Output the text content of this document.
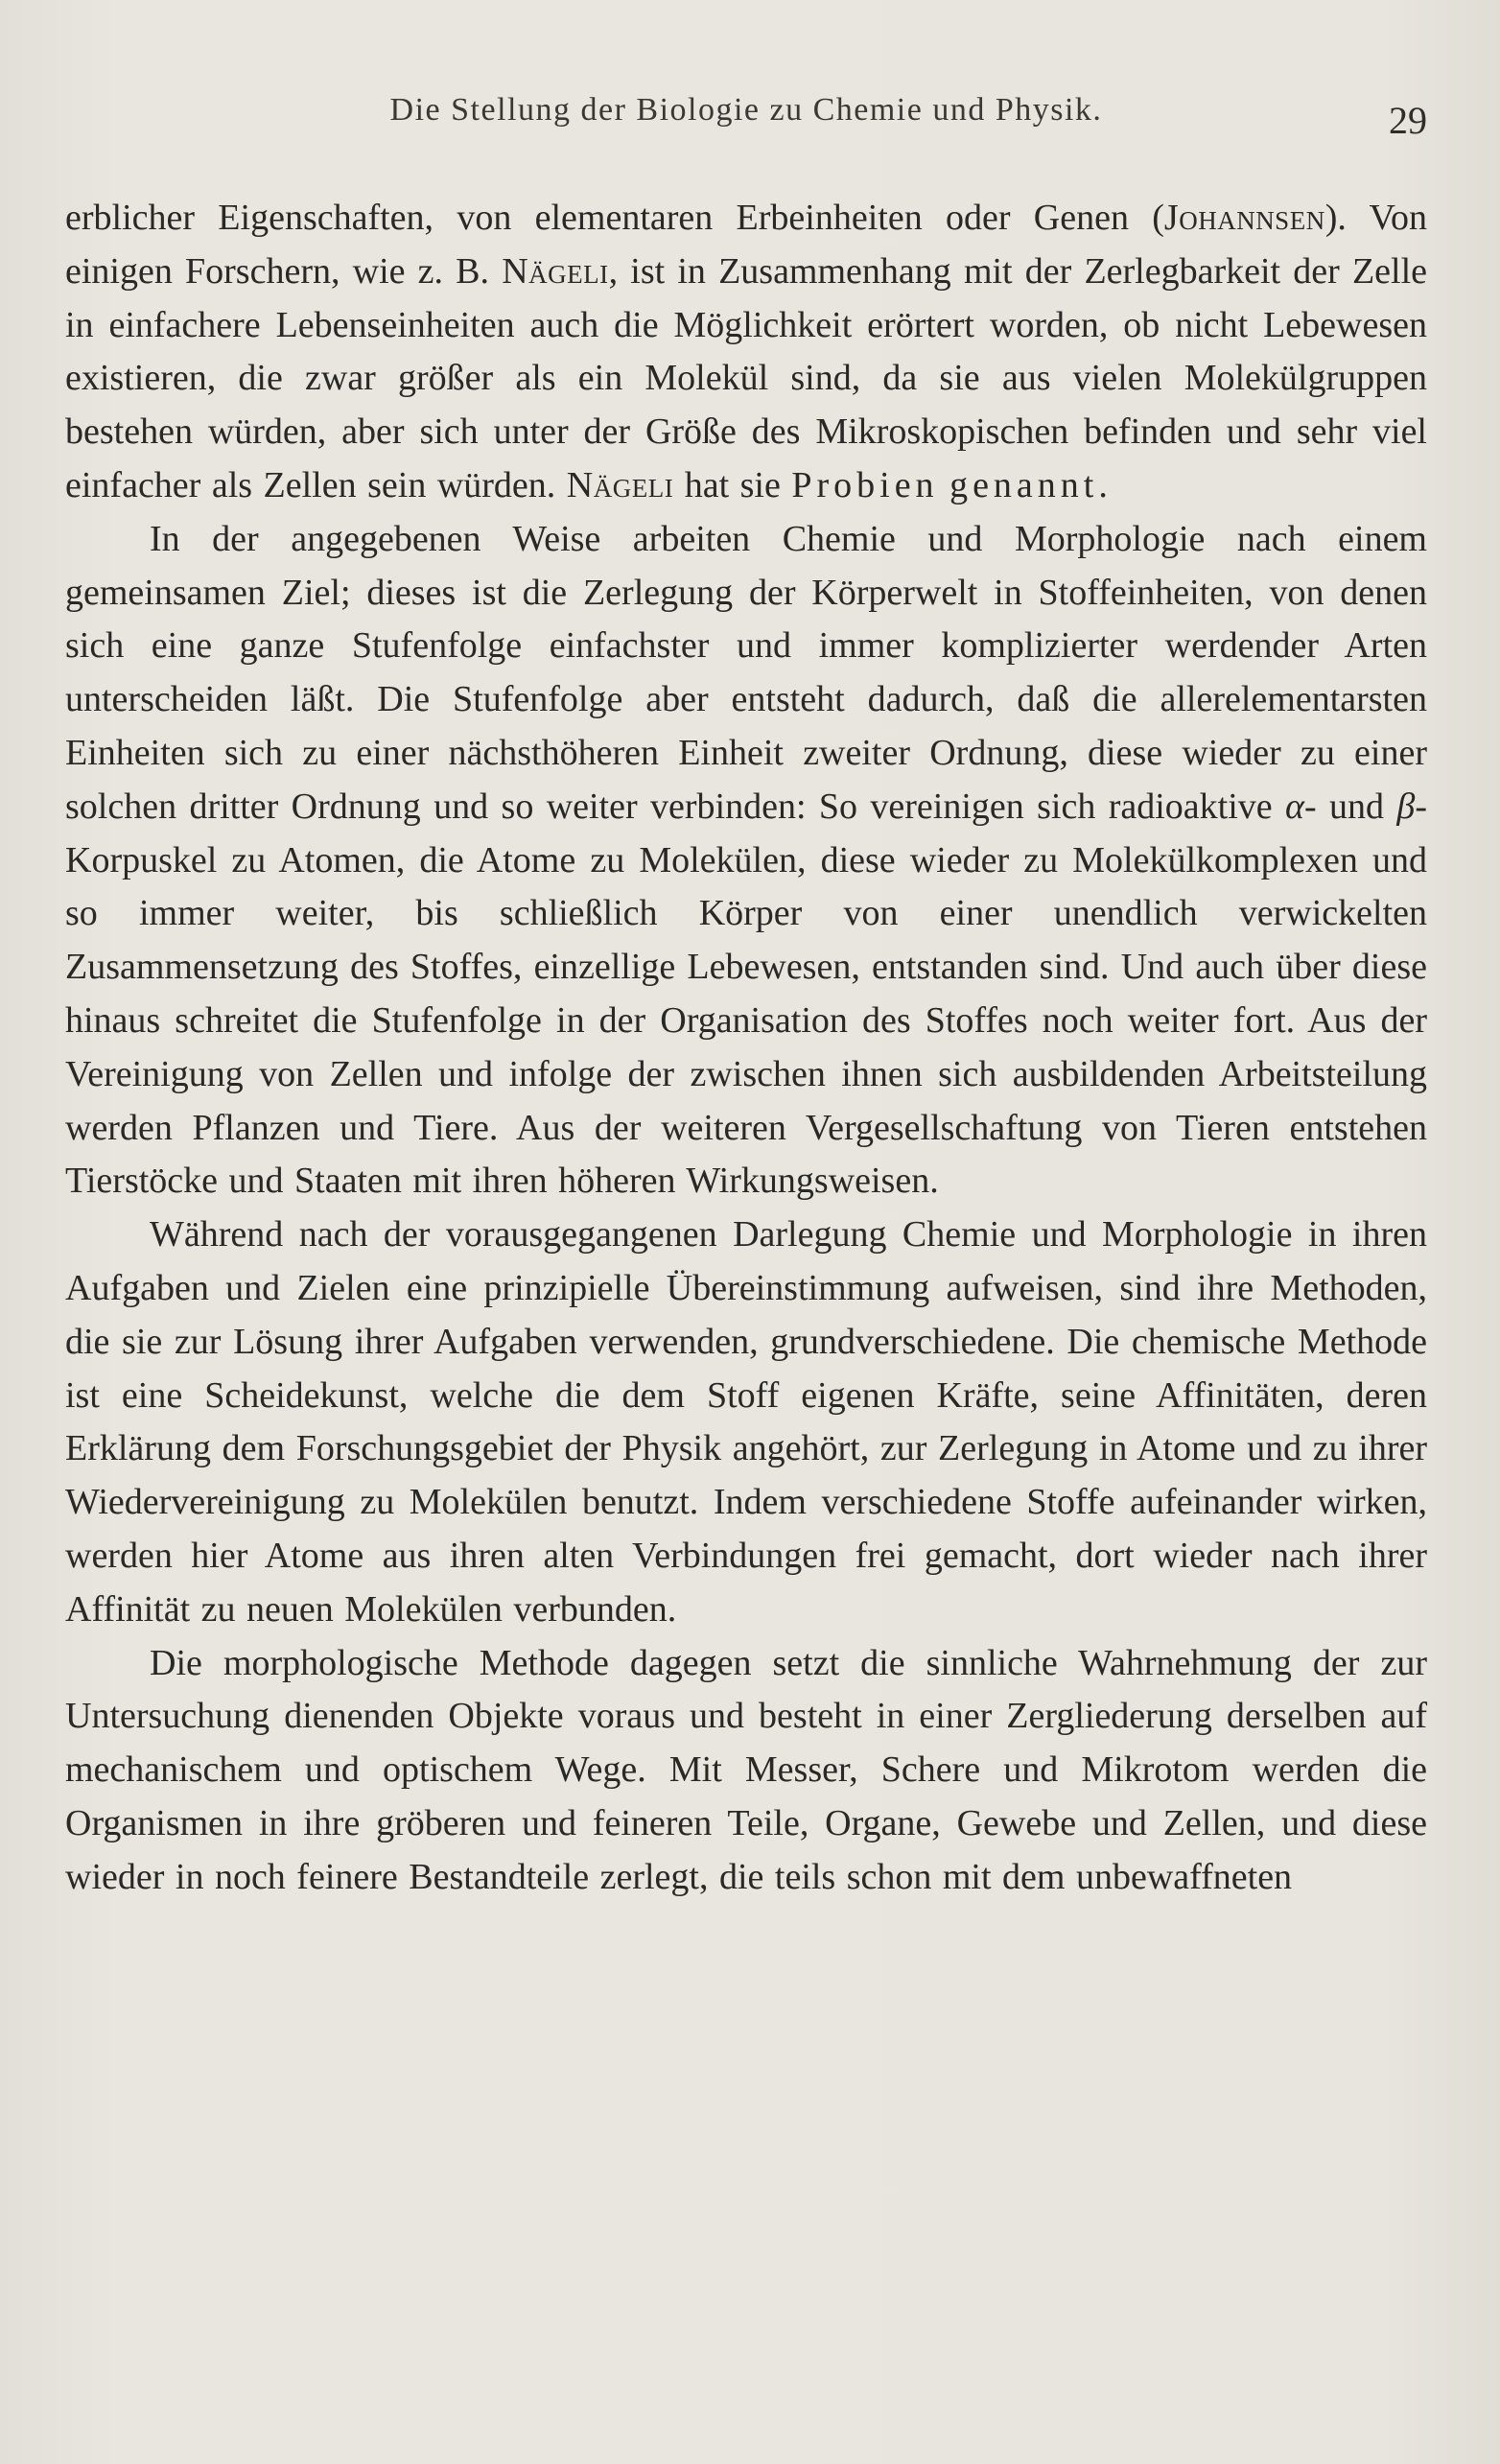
Die Stellung der Biologie zu Chemie und Physik.	29

erblicher Eigenschaften, von elementaren Erbeinheiten oder Genen (Johannsen). Von einigen Forschern, wie z. B. Nägeli, ist in Zusammenhang mit der Zerlegbarkeit der Zelle in einfachere Lebenseinheiten auch die Möglichkeit erörtert worden, ob nicht Lebewesen existieren, die zwar größer als ein Molekül sind, da sie aus vielen Molekülgruppen bestehen würden, aber sich unter der Größe des Mikroskopischen befinden und sehr viel einfacher als Zellen sein würden. Nägeli hat sie Probien genannt.

In der angegebenen Weise arbeiten Chemie und Morphologie nach einem gemeinsamen Ziel; dieses ist die Zerlegung der Körperwelt in Stoffeinheiten, von denen sich eine ganze Stufenfolge einfachster und immer komplizierter werdender Arten unterscheiden läßt. Die Stufenfolge aber entsteht dadurch, daß die allerelementarsten Einheiten sich zu einer nächsthöheren Einheit zweiter Ordnung, diese wieder zu einer solchen dritter Ordnung und so weiter verbinden: So vereinigen sich radioaktive α- und β-Korpuskel zu Atomen, die Atome zu Molekülen, diese wieder zu Molekülkomplexen und so immer weiter, bis schließlich Körper von einer unendlich verwickelten Zusammensetzung des Stoffes, einzellige Lebewesen, entstanden sind. Und auch über diese hinaus schreitet die Stufenfolge in der Organisation des Stoffes noch weiter fort. Aus der Vereinigung von Zellen und infolge der zwischen ihnen sich ausbildenden Arbeitsteilung werden Pflanzen und Tiere. Aus der weiteren Vergesellschaftung von Tieren entstehen Tierstöcke und Staaten mit ihren höheren Wirkungsweisen.

Während nach der vorausgegangenen Darlegung Chemie und Morphologie in ihren Aufgaben und Zielen eine prinzipielle Übereinstimmung aufweisen, sind ihre Methoden, die sie zur Lösung ihrer Aufgaben verwenden, grundverschiedene. Die chemische Methode ist eine Scheidekunst, welche die dem Stoff eigenen Kräfte, seine Affinitäten, deren Erklärung dem Forschungsgebiet der Physik angehört, zur Zerlegung in Atome und zu ihrer Wiedervereinigung zu Molekülen benutzt. Indem verschiedene Stoffe aufeinander wirken, werden hier Atome aus ihren alten Verbindungen frei gemacht, dort wieder nach ihrer Affinität zu neuen Molekülen verbunden.

Die morphologische Methode dagegen setzt die sinnliche Wahrnehmung der zur Untersuchung dienenden Objekte voraus und besteht in einer Zergliederung derselben auf mechanischem und optischem Wege. Mit Messer, Schere und Mikrotom werden die Organismen in ihre gröberen und feineren Teile, Organe, Gewebe und Zellen, und diese wieder in noch feinere Bestandteile zerlegt, die teils schon mit dem unbewaffneten
